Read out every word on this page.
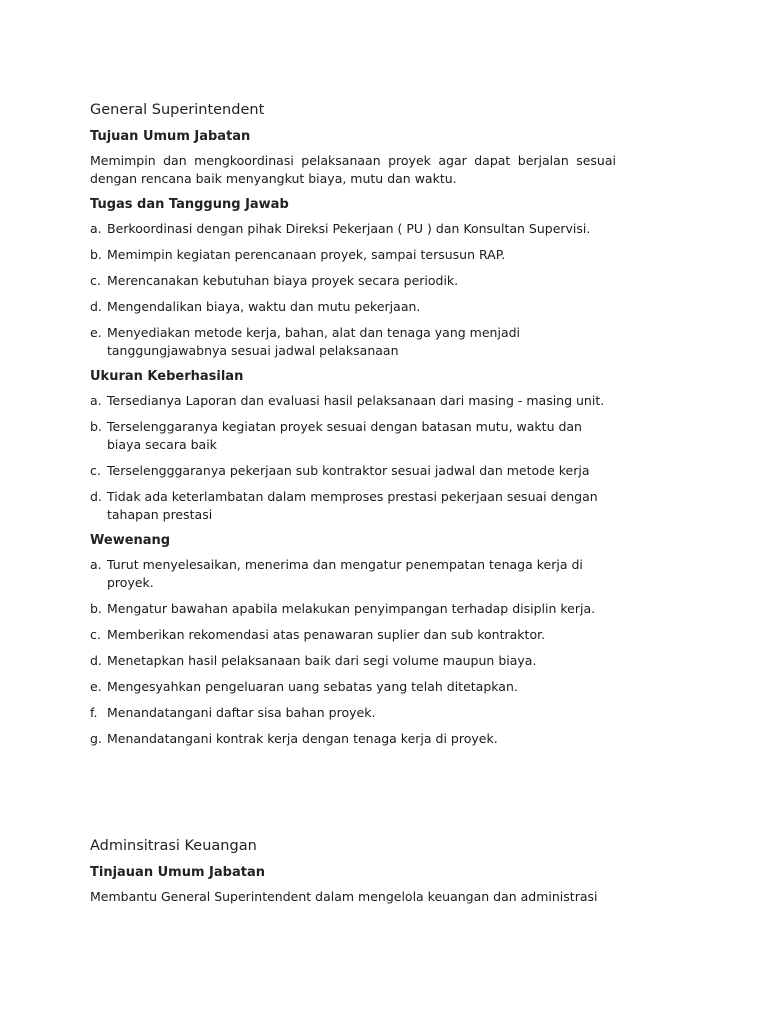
General Superintendent
Tujuan Umum Jabatan
Memimpin dan mengkoordinasi pelaksanaan proyek agar dapat berjalan sesuai dengan rencana baik menyangkut biaya, mutu dan waktu.
Tugas dan Tanggung Jawab
a. Berkoordinasi dengan pihak Direksi Pekerjaan ( PU ) dan Konsultan Supervisi.
b. Memimpin kegiatan perencanaan proyek, sampai tersusun RAP.
c. Merencanakan kebutuhan biaya proyek secara periodik.
d. Mengendalikan biaya, waktu dan mutu pekerjaan.
e. Menyediakan metode kerja, bahan, alat dan tenaga yang menjadi tanggungjawabnya sesuai jadwal pelaksanaan
Ukuran Keberhasilan
a. Tersedianya Laporan dan evaluasi hasil pelaksanaan dari masing - masing unit.
b. Terselenggaranya kegiatan proyek sesuai dengan batasan mutu, waktu dan biaya secara baik
c. Terselengggaranya pekerjaan sub kontraktor sesuai jadwal dan metode kerja
d. Tidak ada keterlambatan dalam memproses prestasi pekerjaan sesuai dengan tahapan prestasi
Wewenang
a. Turut menyelesaikan, menerima dan mengatur penempatan tenaga kerja di proyek.
b. Mengatur bawahan apabila melakukan penyimpangan terhadap disiplin kerja.
c. Memberikan rekomendasi atas penawaran suplier dan sub kontraktor.
d. Menetapkan hasil pelaksanaan baik dari segi volume maupun biaya.
e. Mengesyahkan pengeluaran uang sebatas yang telah ditetapkan.
f. Menandatangani daftar sisa bahan proyek.
g. Menandatangani kontrak kerja dengan tenaga kerja di proyek.
Adminsitrasi Keuangan
Tinjauan Umum Jabatan
Membantu General Superintendent dalam mengelola keuangan dan administrasi
